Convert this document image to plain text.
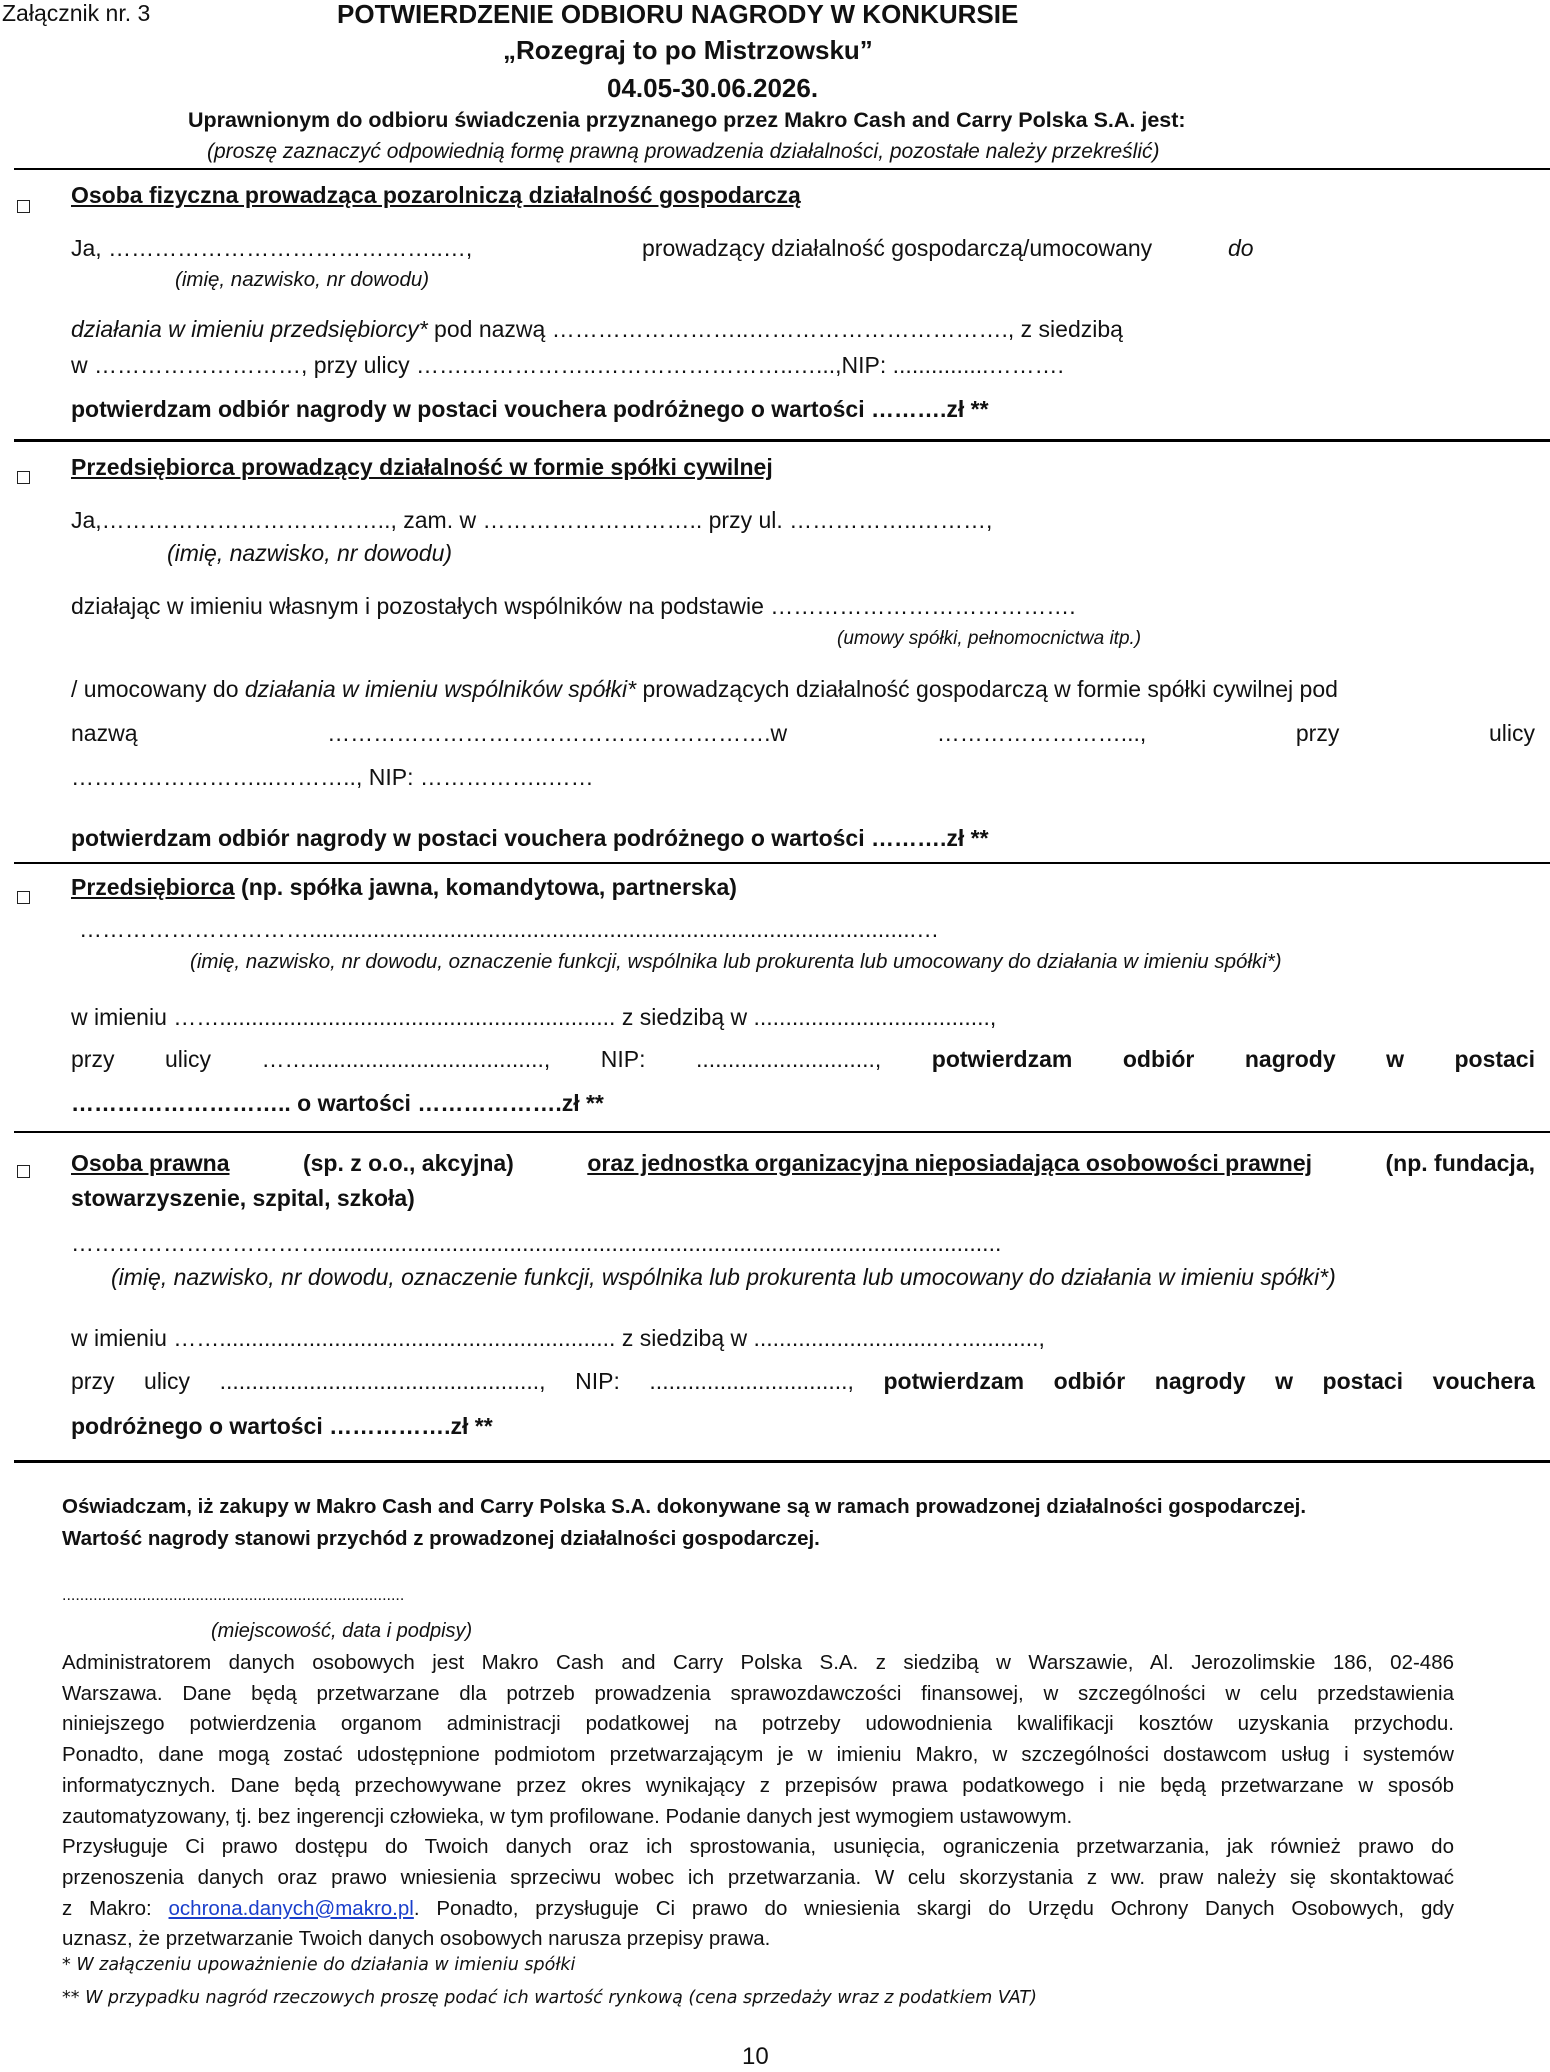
Załącznik nr. 3	POTWIERDZENIE ODBIORU NAGRODY W KONKURSIE
„Rozegraj to po Mistrzowsku”
04.05-30.06.2026.
Uprawnionym do odbioru świadczenia przyznanego przez Makro Cash and Carry Polska S.A. jest:
(proszę zaznaczyć odpowiednią formę prawną prowadzenia działalności, pozostałe należy przekreślić)
Osoba fizyczna prowadząca pozarolniczą działalność gospodarczą
Ja, ……………………………………..…,	prowadzący działalność gospodarczą/umocowany	do
(imię, nazwisko, nr dowodu)
działania w imieniu przedsiębiorcy* pod nazwą ……………………..……………………………., z siedzibą
w ………………………, przy ulicy …….……………..……………………..…...,NIP: ...............……….
potwierdzam odbiór nagrody w postaci vouchera podróżnego o wartości ……….zł **
Przedsiębiorca prowadzący działalność w formie spółki cywilnej
Ja,……………………………….., zam. w ……………………….. przy ul. ……………..………,
(imię, nazwisko, nr dowodu)
działając w imieniu własnym i pozostałych wspólników na podstawie ………………………………….
(umowy spółki, pełnomocnictwa itp.)
/ umocowany do działania w imieniu wspólników spółki* prowadzących działalność gospodarczą w formie spółki cywilnej pod
nazwą	………………………………………………….w	……………………...,	przy	ulicy
……………………...……….., NIP: ……………..……
potwierdzam odbiór nagrody w postaci vouchera podróżnego o wartości ……….zł **
Przedsiębiorca (np. spółka jawna, komandytowa, partnerska)
…………………………...............................................................................................…
(imię, nazwisko, nr dowodu, oznaczenie funkcji, wspólnika lub prokurenta lub umocowany do działania w imieniu spółki*)
w imieniu …….............................................................. z siedzibą w .....................................,
przy ulicy ……....................................., NIP: ............................, potwierdzam odbiór nagrody w postaci
……………………….. o wartości ……………….zł **
Osoba prawna	(sp. z o.o., akcyjna)	oraz jednostka organizacyjna nieposiadająca osobowości prawnej	(np. fundacja,
stowarzyszenie, szpital, szkoła)
……………………………..........................................................................................................
(imię, nazwisko, nr dowodu, oznaczenie funkcji, wspólnika lub prokurenta lub umocowany do działania w imieniu spółki*)
w imieniu …….............................................................. z siedzibą w .............................…............,
przy ulicy .................................................., NIP: ..............................., potwierdzam odbiór nagrody w postaci vouchera
podróżnego o wartości …………….zł **
Oświadczam, iż zakupy w Makro Cash and Carry Polska S.A. dokonywane są w ramach prowadzonej działalności gospodarczej.
Wartość nagrody stanowi przychód z prowadzonej działalności gospodarczej.
.............................................................................
(miejscowość, data i podpisy)
Administratorem danych osobowych jest Makro Cash and Carry Polska S.A. z siedzibą w Warszawie, Al. Jerozolimskie 186, 02-486
Warszawa. Dane będą przetwarzane dla potrzeb prowadzenia sprawozdawczości finansowej, w szczególności w celu przedstawienia
niniejszego potwierdzenia organom administracji podatkowej na potrzeby udowodnienia kwalifikacji kosztów uzyskania przychodu.
Ponadto, dane mogą zostać udostępnione podmiotom przetwarzającym je w imieniu Makro, w szczególności dostawcom usług i systemów
informatycznych. Dane będą przechowywane przez okres wynikający z przepisów prawa podatkowego i nie będą przetwarzane w sposób
zautomatyzowany, tj. bez ingerencji człowieka, w tym profilowane. Podanie danych jest wymogiem ustawowym.
Przysługuje Ci prawo dostępu do Twoich danych oraz ich sprostowania, usunięcia, ograniczenia przetwarzania, jak również prawo do
przenoszenia danych oraz prawo wniesienia sprzeciwu wobec ich przetwarzania. W celu skorzystania z ww. praw należy się skontaktować
z Makro: ochrona.danych@makro.pl. Ponadto, przysługuje Ci prawo do wniesienia skargi do Urzędu Ochrony Danych Osobowych, gdy
uznasz, że przetwarzanie Twoich danych osobowych narusza przepisy prawa.
* W załączeniu upoważnienie do działania w imieniu spółki
** W przypadku nagród rzeczowych proszę podać ich wartość rynkową (cena sprzedaży wraz z podatkiem VAT)
10
